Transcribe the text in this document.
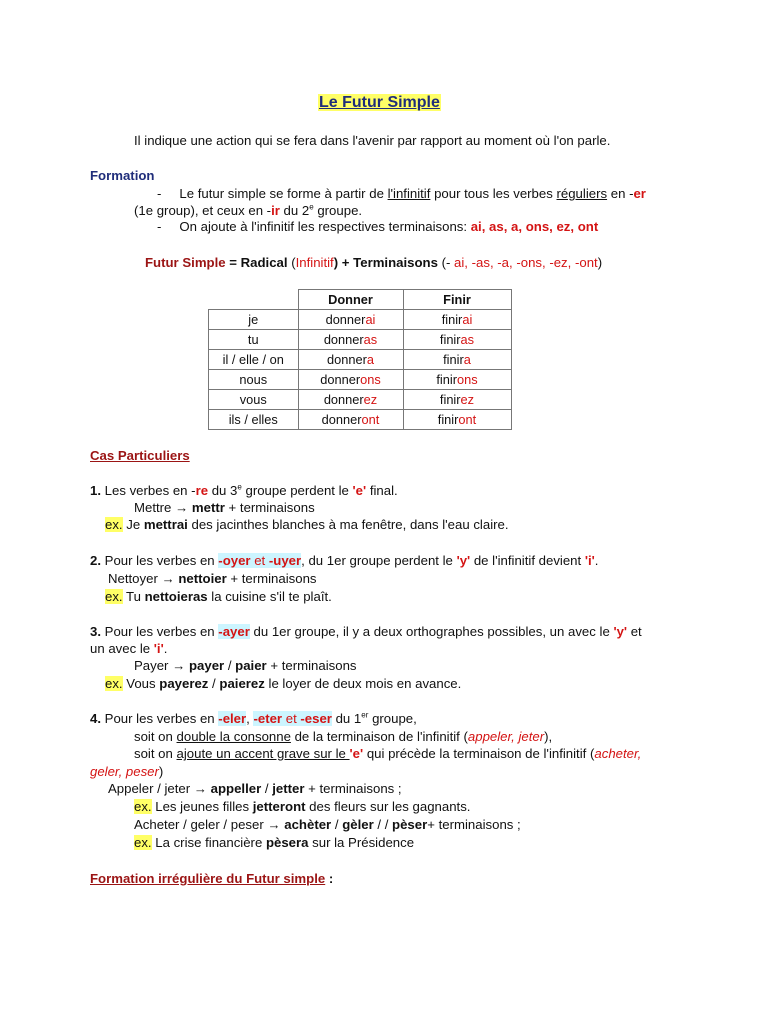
Le Futur Simple
Il indique une action qui se fera dans l'avenir par rapport au moment où l'on parle.
Formation
- Le futur simple se forme à partir de l'infinitif pour tous les verbes réguliers en -er
(1e group), et ceux en -ir du 2e groupe.
- On ajoute à l'infinitif les respectives terminaisons: ai, as, a, ons, ez, ont
Futur Simple = Radical (Infinitif) + Terminaisons (- ai, -as, -a, -ons, -ez, -ont)
	Donner	Finir
je	donnerai	finirai
tu	donneras	finiras
il / elle / on	donnera	finira
nous	donnerons	finirons
vous	donnerez	finirez
ils / elles	donneront	finiront
Cas Particuliers
1. Les verbes en -re du 3e groupe perdent le 'e' final.
Mettre → mettr + terminaisons
ex. Je mettrai des jacinthes blanches à ma fenêtre, dans l'eau claire.
2. Pour les verbes en -oyer et -uyer, du 1er groupe perdent le 'y' de l'infinitif devient 'i'.
Nettoyer → nettoier + terminaisons
ex. Tu nettoieras la cuisine s'il te plaît.
3. Pour les verbes en -ayer du 1er groupe, il y a deux orthographes possibles, un avec le 'y' et
un avec le 'i'.
Payer → payer / paier + terminaisons
ex. Vous payerez / paierez le loyer de deux mois en avance.
4. Pour les verbes en -eler, -eter et -eser du 1er groupe,
soit on double la consonne de la terminaison de l'infinitif (appeler, jeter),
soit on ajoute un accent grave sur le 'e' qui précède la terminaison de l'infinitif (acheter,
geler, peser)
Appeler / jeter → appeller / jetter + terminaisons ;
ex. Les jeunes filles jetteront des fleurs sur les gagnants.
Acheter / geler / peser → achèter / gèler / / pèser+ terminaisons ;
ex. La crise financière pèsera sur la Présidence
Formation irrégulière du Futur simple :
